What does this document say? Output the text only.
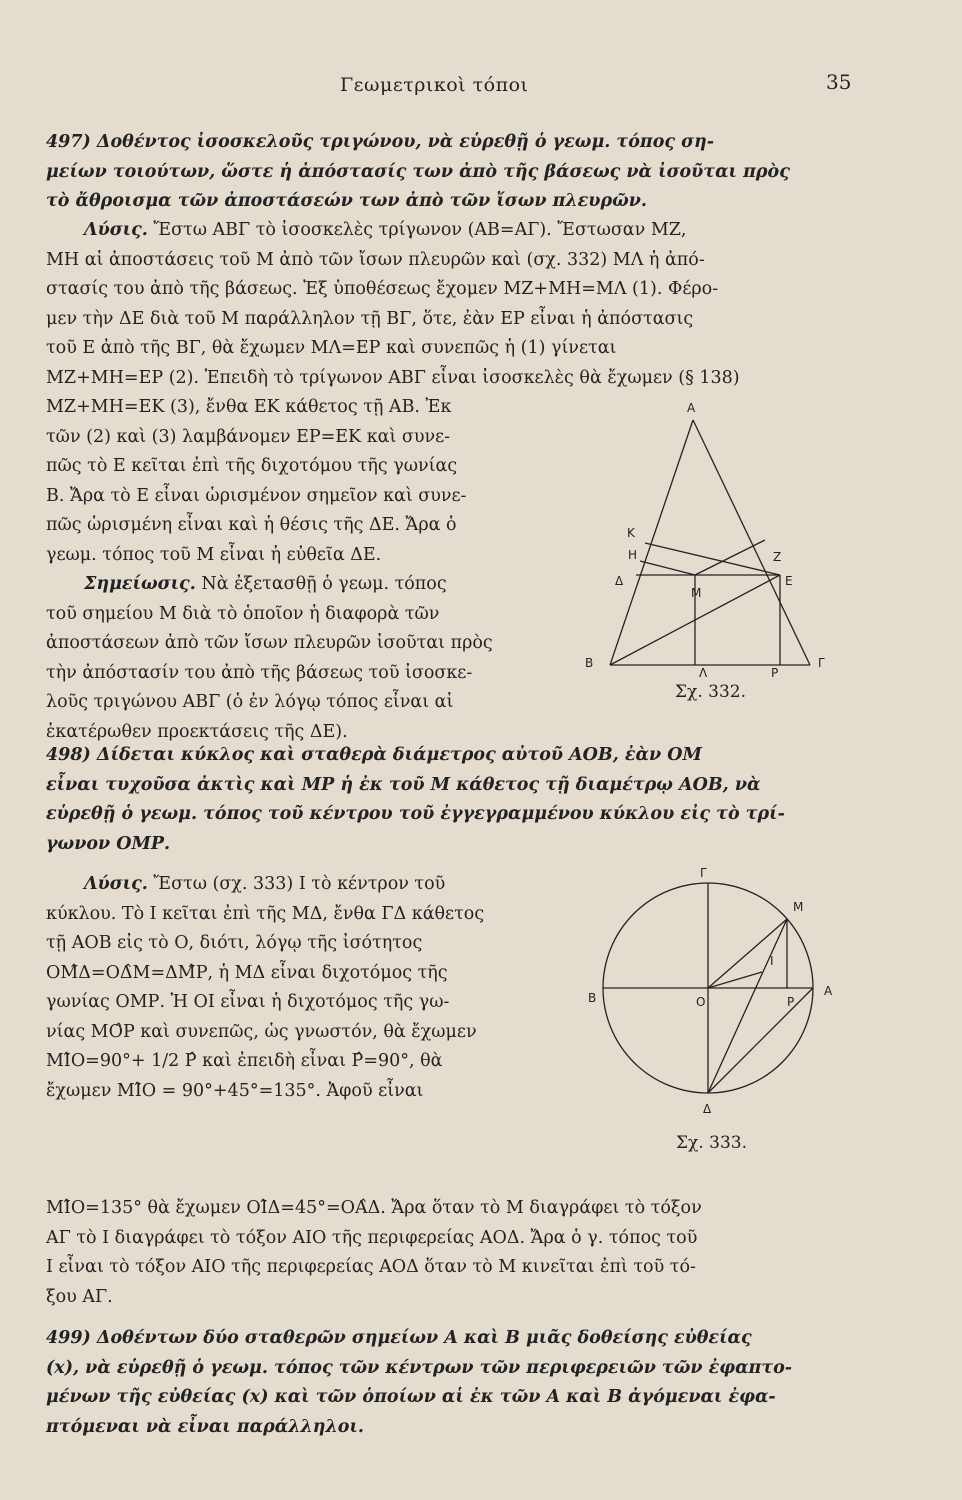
Γεωμετρικοὶ τόποι	35

497) Δοθέντος ἰσοσκελοῦς τριγώνου, νὰ εὑρεθῇ ὁ γεωμ. τόπος ση-

μείων τοιούτων, ὥστε ἡ ἀπόστασίς των ἀπὸ τῆς βάσεως νὰ ἰσοῦται πρὸς

τὸ ἄθροισμα τῶν ἀποστάσεών των ἀπὸ τῶν ἴσων πλευρῶν.

Λύσις. Ἔστω ΑΒΓ τὸ ἰσοσκελὲς τρίγωνον (ΑΒ=ΑΓ). Ἔστωσαν ΜΖ,

ΜΗ αἱ ἀποστάσεις τοῦ Μ ἀπὸ τῶν ἴσων πλευρῶν καὶ (σχ. 332) ΜΛ ἡ ἀπό-

στασίς του ἀπὸ τῆς βάσεως. Ἐξ ὑποθέσεως ἔχομεν ΜΖ+ΜΗ=ΜΛ (1). Φέρο-

μεν τὴν ΔΕ διὰ τοῦ Μ παράλληλον τῇ ΒΓ, ὅτε, ἐὰν ΕΡ εἶναι ἡ ἀπόστασις

τοῦ Ε ἀπὸ τῆς ΒΓ, θὰ ἔχωμεν ΜΛ=ΕΡ καὶ συνεπῶς ἡ (1) γίνεται

ΜΖ+ΜΗ=ΕΡ (2). Ἐπειδὴ τὸ τρίγωνον ΑΒΓ εἶναι ἰσοσκελὲς θὰ ἔχωμεν (§ 138)

ΜΖ+ΜΗ=ΕΚ (3), ἔνθα ΕΚ κάθετος τῇ ΑΒ. Ἐκ

τῶν (2) καὶ (3) λαμβάνομεν ΕΡ=ΕΚ καὶ συνε-

πῶς τὸ Ε κεῖται ἐπὶ τῆς διχοτόμου τῆς γωνίας

Β. Ἄρα τὸ Ε εἶναι ὡρισμένον σημεῖον καὶ συνε-

πῶς ὡρισμένη εἶναι καὶ ἡ θέσις τῆς ΔΕ. Ἄρα ὁ

γεωμ. τόπος τοῦ Μ εἶναι ἡ εὐθεῖα ΔΕ.

Σημείωσις. Νὰ ἐξετασθῇ ὁ γεωμ. τόπος

τοῦ σημείου Μ διὰ τὸ ὁποῖον ἡ διαφορὰ τῶν

ἀποστάσεων ἀπὸ τῶν ἴσων πλευρῶν ἰσοῦται πρὸς

τὴν ἀπόστασίν του ἀπὸ τῆς βάσεως τοῦ ἰσοσκε-

λοῦς τριγώνου ΑΒΓ (ὁ ἐν λόγῳ τόπος εἶναι αἱ

ἑκατέρωθεν προεκτάσεις τῆς ΔΕ).

Α
Κ
Η	Ζ
Δ	Ε
Μ
Β
Λ	Ρ
Γ
Σχ. 332.

498) Δίδεται κύκλος καὶ σταθερὰ διάμετρος αὐτοῦ ΑΟΒ, ἐὰν ΟΜ

εἶναι τυχοῦσα ἀκτὶς καὶ ΜΡ ἡ ἐκ τοῦ Μ κάθετος τῇ διαμέτρῳ ΑΟΒ, νὰ

εὑρεθῇ ὁ γεωμ. τόπος τοῦ κέντρου τοῦ ἐγγεγραμμένου κύκλου εἰς τὸ τρί-

γωνον ΟΜΡ.

Λύσις. Ἔστω (σχ. 333) Ι τὸ κέντρον τοῦ

κύκλου. Τὸ Ι κεῖται ἐπὶ τῆς ΜΔ, ἔνθα ΓΔ κάθετος

τῇ ΑΟΒ εἰς τὸ Ο, διότι, λόγῳ τῆς ἰσότητος

ΟΜ̂Δ=ΟΔ̂Μ=ΔΜ̂Ρ, ἡ ΜΔ εἶναι διχοτόμος τῆς

γωνίας ΟΜΡ. Ἡ ΟΙ εἶναι ἡ διχοτόμος τῆς γω-

νίας ΜΟ̂Ρ καὶ συνεπῶς, ὡς γνωστόν, θὰ ἔχωμεν

ΜΙ̂Ο=90°+ 1/2 Ρ̂ καὶ ἐπειδὴ εἶναι Ρ̂=90°, θὰ

ἔχωμεν ΜΙ̂Ο = 90°+45°=135°. Ἀφοῦ εἶναι

Γ
Μ
Ι
Β	Ο	Ρ
Α
Δ
Σχ. 333.

ΜΙ̂Ο=135° θὰ ἔχωμεν ΟΙ̂Δ=45°=ΟΑ̂Δ. Ἄρα ὅταν τὸ Μ διαγράφει τὸ τόξον

ΑΓ τὸ Ι διαγράφει τὸ τόξον ΑΙΟ τῆς περιφερείας ΑΟΔ. Ἄρα ὁ γ. τόπος τοῦ

Ι εἶναι τὸ τόξον ΑΙΟ τῆς περιφερείας ΑΟΔ ὅταν τὸ Μ κινεῖται ἐπὶ τοῦ τό-

ξου ΑΓ.

499) Δοθέντων δύο σταθερῶν σημείων Α καὶ Β μιᾶς δοθείσης εὐθείας

(x), νὰ εὑρεθῇ ὁ γεωμ. τόπος τῶν κέντρων τῶν περιφερειῶν τῶν ἐφαπτο-

μένων τῆς εὐθείας (x) καὶ τῶν ὁποίων αἱ ἐκ τῶν Α καὶ Β ἀγόμεναι ἐφα-

πτόμεναι νὰ εἶναι παράλληλοι.
